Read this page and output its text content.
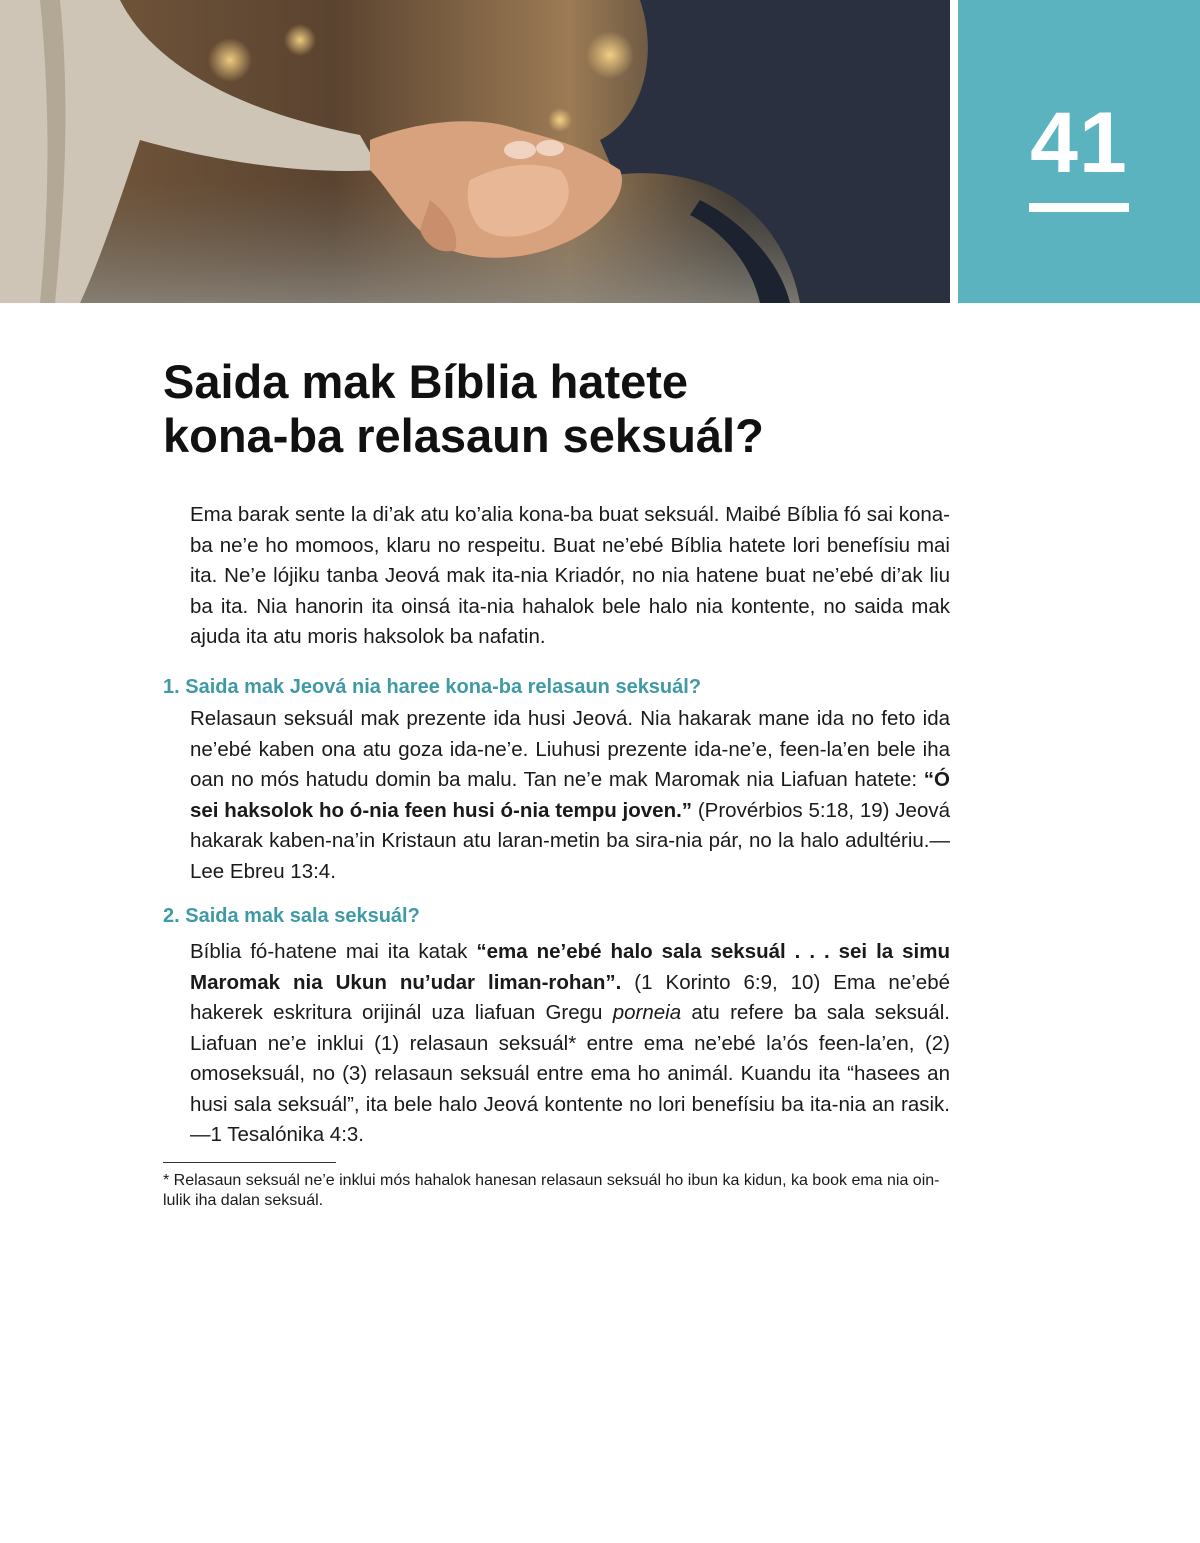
41
Saida mak Bíblia hatete
kona-ba relasaun seksuál?

Ema barak sente la di’ak atu ko’alia kona-ba buat seksuál. Maibé Bíblia fó sai kona-ba ne’e ho momoos, klaru no respeitu. Buat ne’ebé Bíblia hatete lori benefísiu mai ita. Ne’e lójiku tanba Jeová mak ita-nia Kriadór, no nia hatene buat ne’ebé di’ak liu ba ita. Nia hanorin ita oinsá ita-nia hahalok bele halo nia kontente, no saida mak ajuda ita atu moris haksolok ba nafatin.

1. Saida mak Jeová nia haree kona-ba relasaun seksuál?

Relasaun seksuál mak prezente ida husi Jeová. Nia hakarak mane ida no feto ida ne’ebé kaben ona atu goza ida-ne’e. Liuhusi prezente ida-ne’e, feen-la’en bele iha oan no mós hatudu domin ba malu. Tan ne’e mak Maromak nia Liafuan hatete: “Ó sei haksolok ho ó-nia feen husi ó-nia tempu joven.” (Provérbios 5:18, 19) Jeová hakarak kaben-na’in Kristaun atu laran-metin ba sira-nia pár, no la halo adultériu.—Lee Ebreu 13:4.

2. Saida mak sala seksuál?

Bíblia fó-hatene mai ita katak “ema ne’ebé halo sala seksuál . . . sei la simu Maromak nia Ukun nu’udar liman-rohan”. (1 Korinto 6:9, 10) Ema ne’ebé hakerek eskritura orijinál uza liafuan Gregu porneia atu refere ba sala seksuál. Liafuan ne’e inklui (1) relasaun seksuál* entre ema ne’ebé la’ós feen-la’en, (2) omoseksuál, no (3) relasaun seksuál entre ema ho animál. Kuandu ita “hasees an husi sala seksuál”, ita bele halo Jeová kontente no lori benefísiu ba ita-nia an rasik.—1 Tesalónika 4:3.

* Relasaun seksuál ne’e inklui mós hahalok hanesan relasaun seksuál ho ibun ka kidun, ka book ema nia oin-lulik iha dalan seksuál.
